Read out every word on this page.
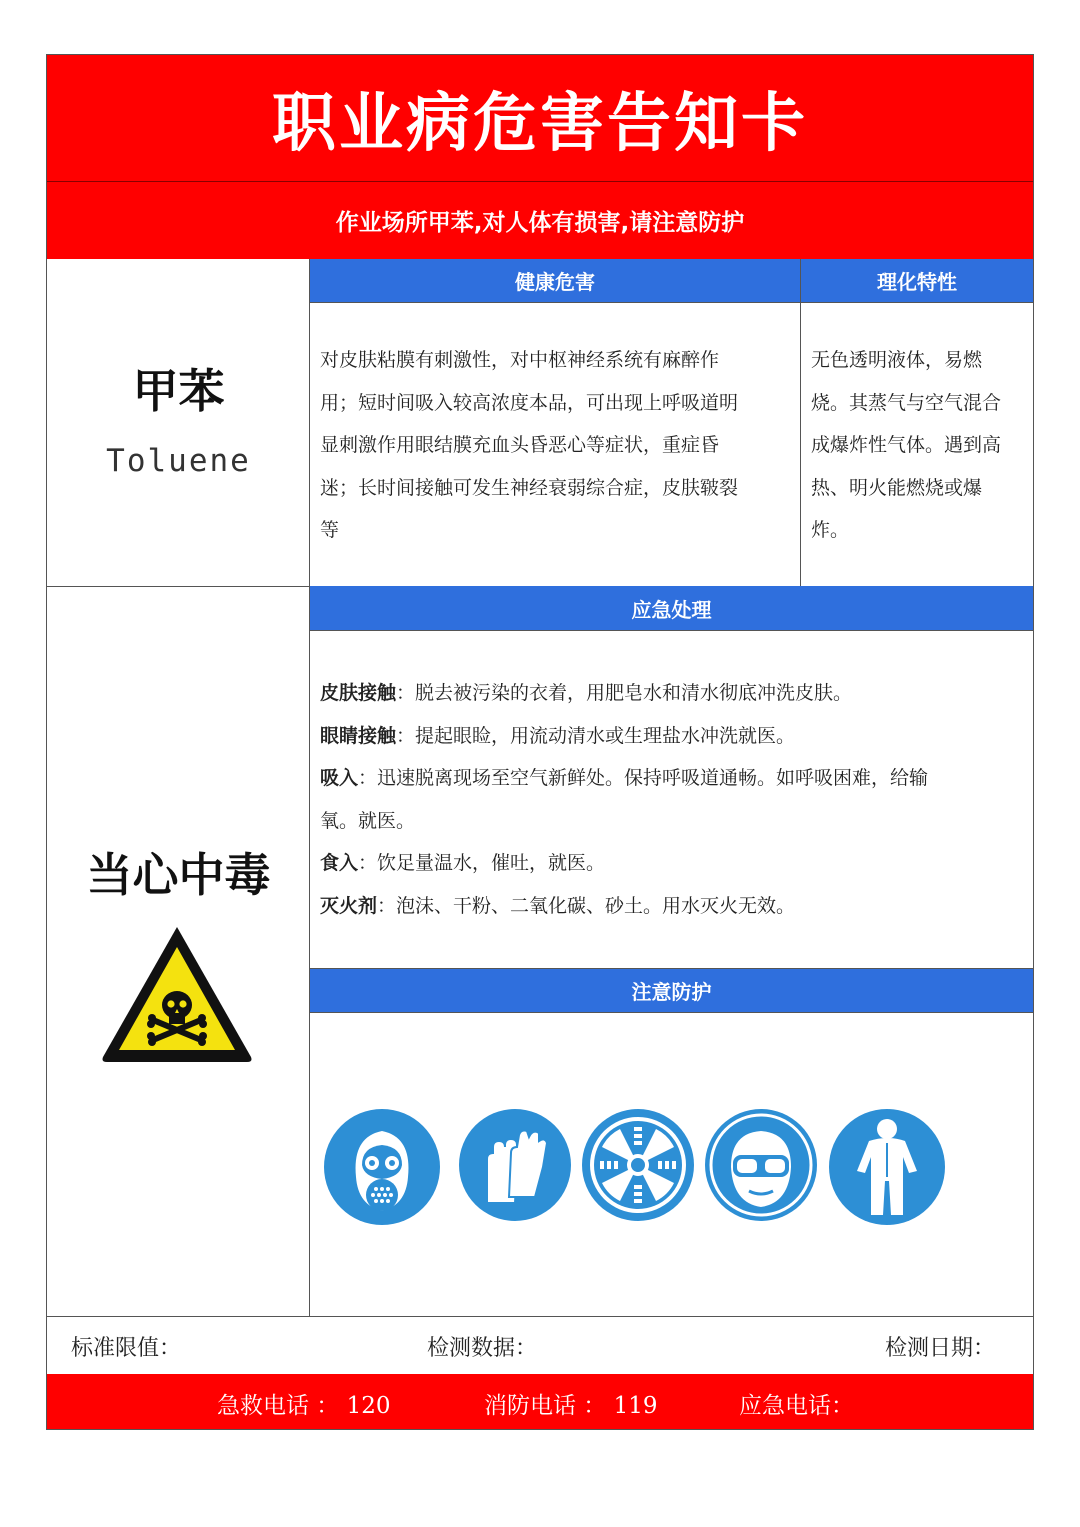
职业病危害告知卡
作业场所甲苯,对人体有损害,请注意防护
甲苯
Toluene
健康危害
对皮肤粘膜有刺激性，对中枢神经系统有麻醉作
用；短时间吸入较高浓度本品，可出现上呼吸道明
显刺激作用眼结膜充血头昏恶心等症状，重症昏
迷；长时间接触可发生神经衰弱综合症，皮肤皲裂
等
理化特性
无色透明液体，易燃
烧。其蒸气与空气混合
成爆炸性气体。遇到高
热、明火能燃烧或爆
炸。
当心中毒
应急处理

皮肤接触：脱去被污染的衣着，用肥皂水和清水彻底冲洗皮肤。

眼睛接触：提起眼睑，用流动清水或生理盐水冲洗就医。

吸入：迅速脱离现场至空气新鲜处。保持呼吸道通畅。如呼吸困难，给输

氧。就医。

食入：饮足量温水，催吐，就医。

灭火剂：泡沫、干粉、二氧化碳、砂土。用水灭火无效。

注意防护
标准限值：	检测数据：	检测日期：
急救电话 ： 120	消防电话 ： 119	应急电话：
